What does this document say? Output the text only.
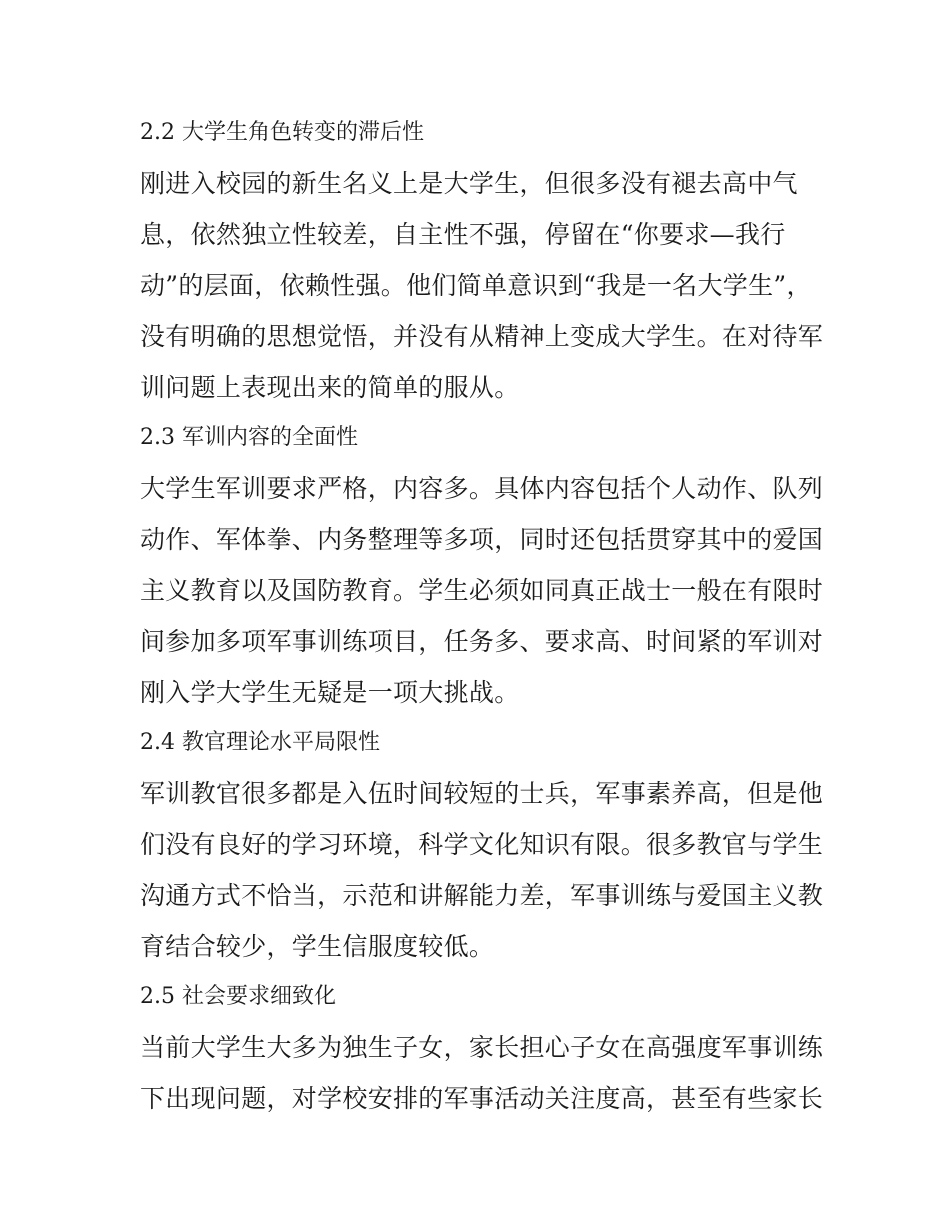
2.2 大学生角色转变的滞后性
刚进入校园的新生名义上是大学生，但很多没有褪去高中气
息，依然独立性较差，自主性不强，停留在“你要求—我行
动”的层面，依赖性强。他们简单意识到“我是一名大学生”，
没有明确的思想觉悟，并没有从精神上变成大学生。在对待军
训问题上表现出来的简单的服从。
2.3 军训内容的全面性
大学生军训要求严格，内容多。具体内容包括个人动作、队列
动作、军体拳、内务整理等多项，同时还包括贯穿其中的爱国
主义教育以及国防教育。学生必须如同真正战士一般在有限时
间参加多项军事训练项目，任务多、要求高、时间紧的军训对
刚入学大学生无疑是一项大挑战。
2.4 教官理论水平局限性
军训教官很多都是入伍时间较短的士兵，军事素养高，但是他
们没有良好的学习环境，科学文化知识有限。很多教官与学生
沟通方式不恰当，示范和讲解能力差，军事训练与爱国主义教
育结合较少，学生信服度较低。
2.5 社会要求细致化
当前大学生大多为独生子女，家长担心子女在高强度军事训练
下出现问题，对学校安排的军事活动关注度高，甚至有些家长
